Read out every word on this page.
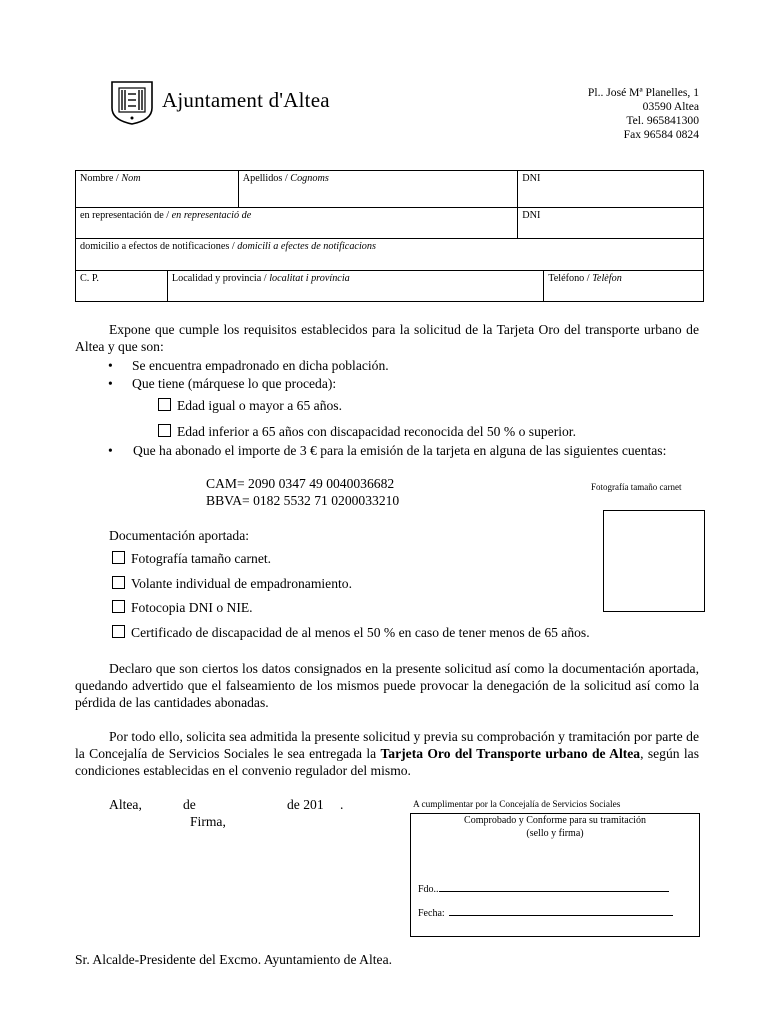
Ajuntament d'Altea	Pl.. José Mª Planelles, 1
03590 Altea
Tel. 965841300
Fax 96584 0824
Nombre / Nom		Apellidos / Cognoms	DNI	
en representación de / en representació de			DNI	
domicilio a efectos de notificaciones / domicili a efectes de notificacions				
C. P.	Localidad y provincia / localitat i província			Teléfono / Telèfon
Expone que cumple los requisitos establecidos para la solicitud de la Tarjeta Oro del transporte urbano de Altea y que son:
• Se encuentra empadronado en dicha población.
• Que tiene (márquese lo que proceda):
Edad igual o mayor a 65 años.
Edad inferior a 65 años con discapacidad reconocida del 50 % o superior.
• Que ha abonado el importe de 3 € para la emisión de la tarjeta en alguna de las siguientes cuentas:
CAM= 2090 0347 49 0040036682
BBVA= 0182 5532 71 0200033210
Fotografía tamaño carnet
Documentación aportada:
Fotografía tamaño carnet.
Volante individual de empadronamiento.
Fotocopia DNI o NIE.
Certificado de discapacidad de al menos el 50 % en caso de tener menos de 65 años.
Declaro que son ciertos los datos consignados en la presente solicitud así como la documentación aportada, quedando advertido que el falseamiento de los mismos puede provocar la denegación de la solicitud así como la pérdida de las cantidades abonadas.
Por todo ello, solicita sea admitida la presente solicitud y previa su comprobación y tramitación por parte de la Concejalía de Servicios Sociales le sea entregada la Tarjeta Oro del Transporte urbano de Altea, según las condiciones establecidas en el convenio regulador del mismo.
Altea,	de	de 201 .
Firma,
A cumplimentar por la Concejalía de Servicios Sociales
Comprobado y Conforme para su tramitación
(sello y firma)
Fdo..
Fecha:
Sr. Alcalde-Presidente del Excmo. Ayuntamiento de Altea.
